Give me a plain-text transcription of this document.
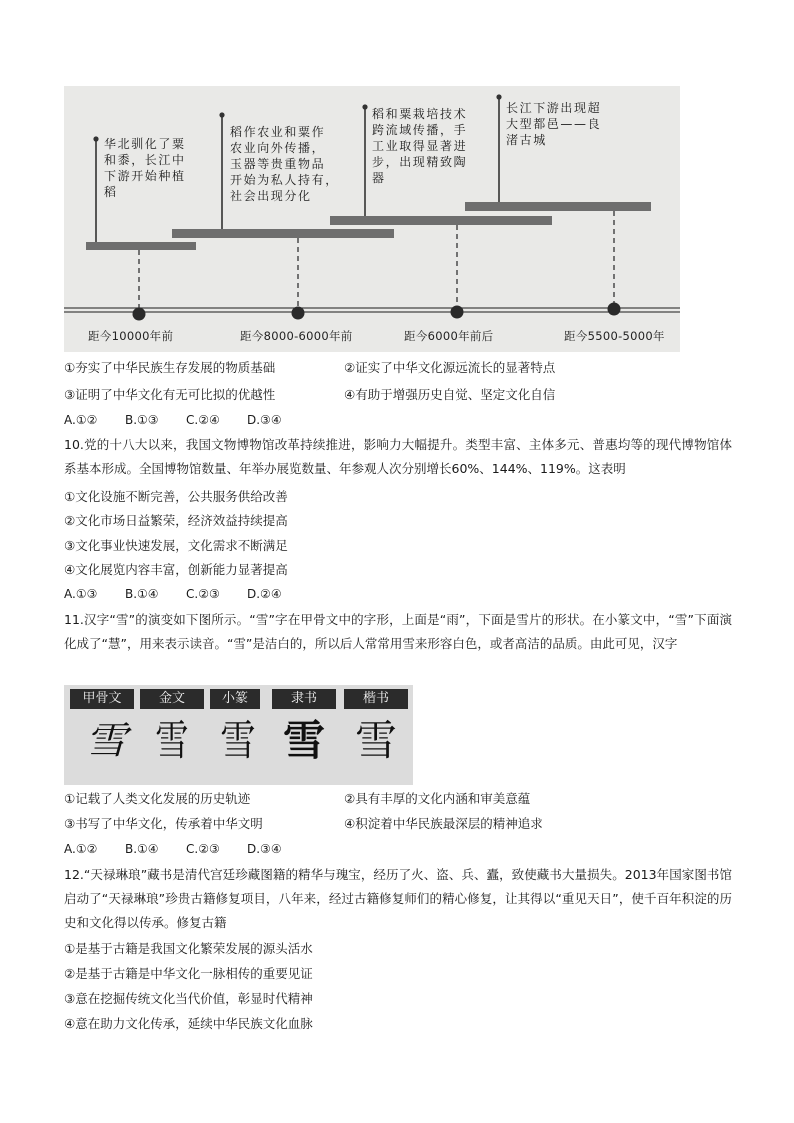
华北驯化了粟
和黍，长江中
下游开始种植
稻
稻作农业和粟作
农业向外传播，
玉器等贵重物品
开始为私人持有，
社会出现分化
稻和粟栽培技术
跨流域传播，手
工业取得显著进
步，出现精致陶
器
长江下游出现超
大型都邑——良
渚古城
距今10000年前	距今8000-6000年前	距今6000年前后	距今5500-5000年
①夯实了中华民族生存发展的物质基础	②证实了中华文化源远流长的显著特点
③证明了中华文化有无可比拟的优越性	④有助于增强历史自觉、坚定文化自信
A.①② B.①③ C.②④ D.③④
10.党的十八大以来，我国文物博物馆改革持续推进，影响力大幅提升。类型丰富、主体多元、普惠均等的现代博物馆体系基本形成。全国博物馆数量、年举办展览数量、年参观人次分别增长60%、144%、119%。这表明
①文化设施不断完善，公共服务供给改善
②文化市场日益繁荣，经济效益持续提高
③文化事业快速发展，文化需求不断满足
④文化展览内容丰富，创新能力显著提高
A.①③ B.①④ C.②③ D.②④
11.汉字“雪”的演变如下图所示。“雪”字在甲骨文中的字形，上面是“雨”，下面是雪片的形状。在小篆文中，“雪”下面演化成了“慧”，用来表示读音。“雪”是洁白的，所以后人常常用雪来形容白色，或者高洁的品质。由此可见，汉字
甲骨文	金文	小篆	隶书	楷书
雪 雪 雪 雪 雪
①记载了人类文化发展的历史轨迹	②具有丰厚的文化内涵和审美意蕴
③书写了中华文化，传承着中华文明	④积淀着中华民族最深层的精神追求
A.①② B.①④ C.②③ D.③④
12.“天禄琳琅”藏书是清代宫廷珍藏图籍的精华与瑰宝，经历了火、盗、兵、蠹，致使藏书大量损失。2013年国家图书馆启动了“天禄琳琅”珍贵古籍修复项目，八年来，经过古籍修复师们的精心修复，让其得以“重见天日”，使千百年积淀的历史和文化得以传承。修复古籍
①是基于古籍是我国文化繁荣发展的源头活水
②是基于古籍是中华文化一脉相传的重要见证
③意在挖掘传统文化当代价值，彰显时代精神
④意在助力文化传承，延续中华民族文化血脉
